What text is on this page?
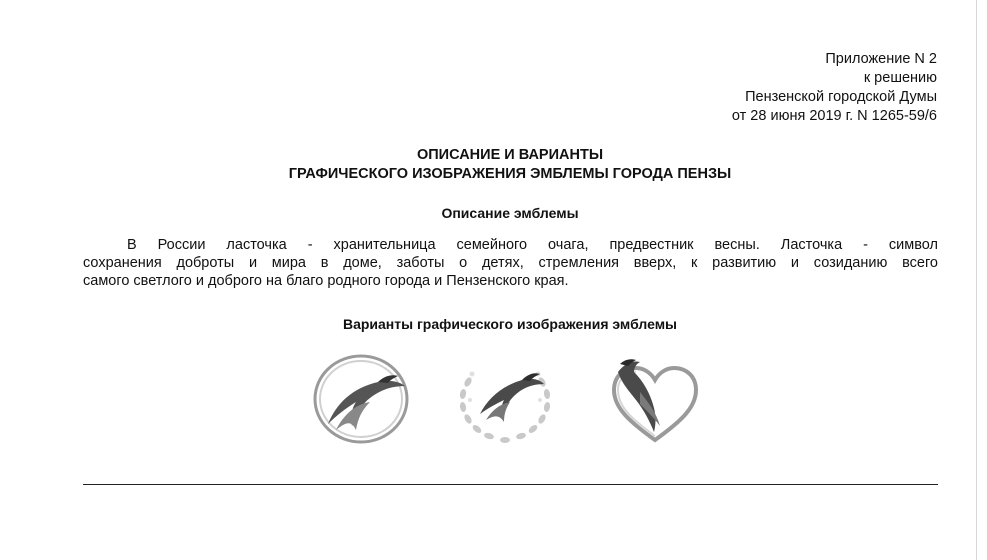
Приложение N 2
к решению
Пензенской городской Думы
от 28 июня 2019 г. N 1265-59/6
ОПИСАНИЕ И ВАРИАНТЫ
ГРАФИЧЕСКОГО ИЗОБРАЖЕНИЯ ЭМБЛЕМЫ ГОРОДА ПЕНЗЫ
Описание эмблемы
В России ласточка - хранительница семейного очага, предвестник весны. Ласточка - символ
сохранения доброты и мира в доме, заботы о детях, стремления вверх, к развитию и созиданию всего
самого светлого и доброго на благо родного города и Пензенского края.
Варианты графического изображения эмблемы
